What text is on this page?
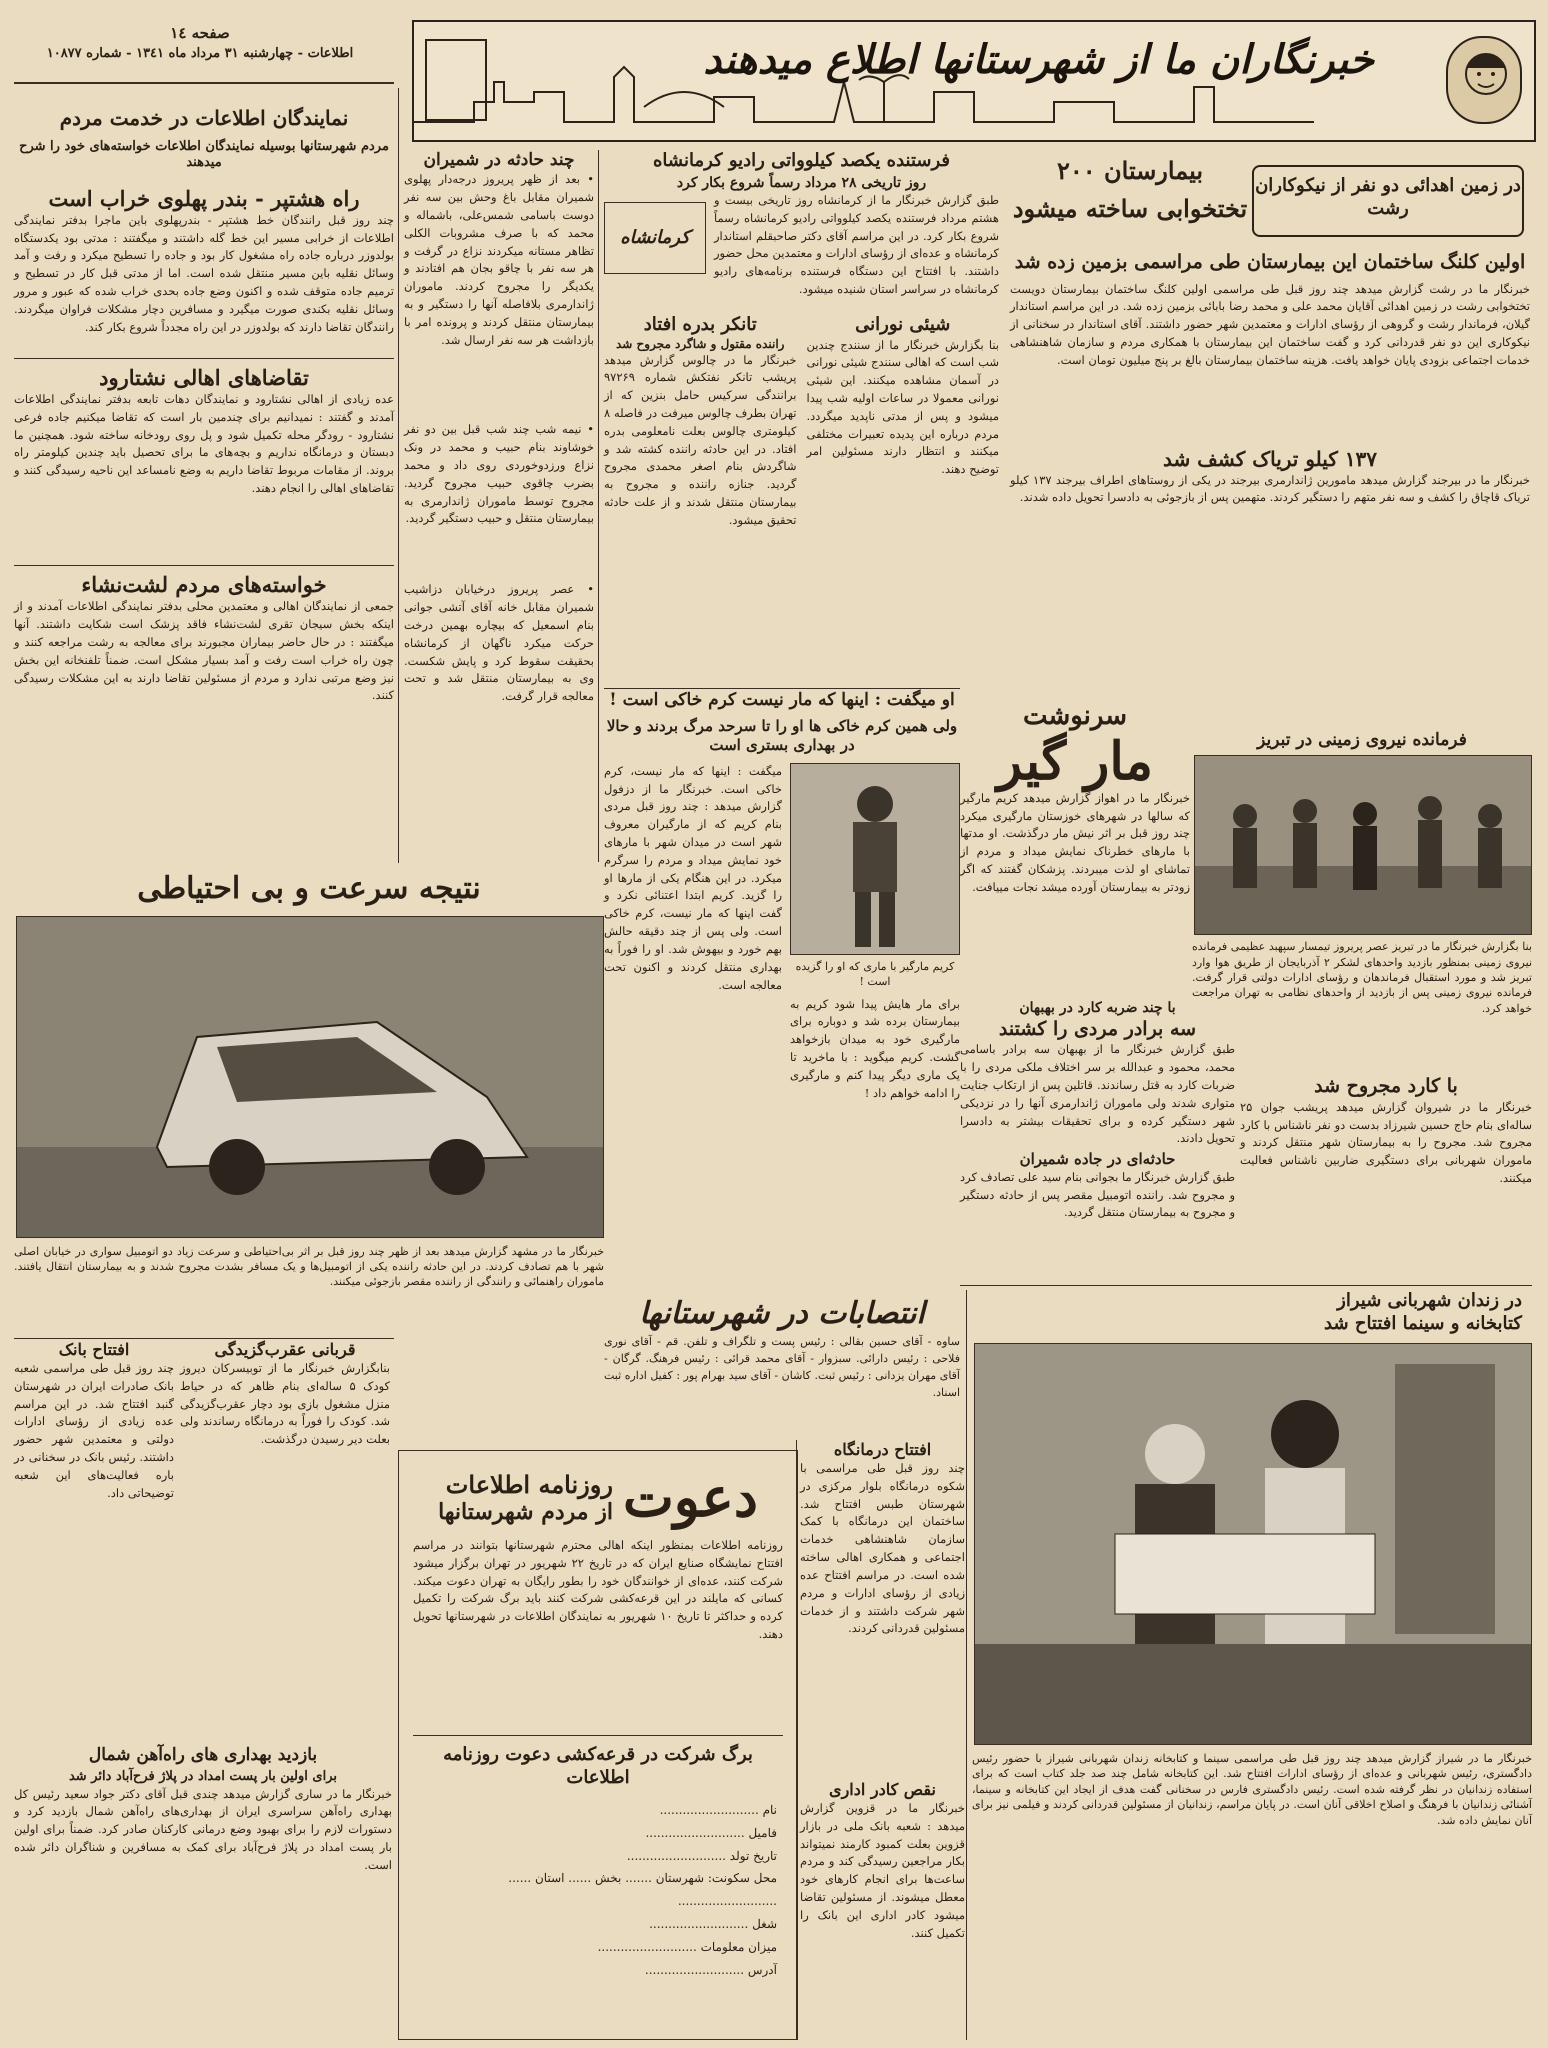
صفحه ١٤
اطلاعات - چهارشنبه ٣١ مرداد ماه ١٣٤١ - شماره ١٠٨٧٧	خبرنگاران ما از شهرستانها اطلاع میدهند
نمایندگان اطلاعات در خدمت مردم
مردم شهرستانها بوسیله نمایندگان اطلاعات خواسته‌های خود را شرح میدهند
راه هشتپر - بندر پهلوی خراب است
چند روز قبل رانندگان خط هشتپر - بندرپهلوی باین ماجرا بدفتر نمایندگی اطلاعات از خرابی مسیر این خط گله داشتند و میگفتند : مدتی بود یکدستگاه بولدوزر درباره جاده راه مشغول کار بود و جاده را تسطیح میکرد و رفت و آمد وسائل نقلیه باین مسیر منتقل شده است. اما از مدتی قبل کار در تسطیح و ترمیم جاده متوقف شده و اکنون وضع جاده بحدی خراب شده که عبور و مرور وسائل نقلیه بکندی صورت میگیرد و مسافرین دچار مشکلات فراوان میگردند. رانندگان تقاضا دارند که بولدوزر در این راه مجدداً شروع بکار کند.
تقاضاهای اهالی نشتارود
عده زیادی از اهالی نشتارود و نمایندگان دهات تابعه بدفتر نمایندگی اطلاعات آمدند و گفتند : نمیدانیم برای چندمین بار است که تقاضا میکنیم جاده فرعی نشتارود - رودگر محله تکمیل شود و پل روی رودخانه ساخته شود. همچنین ما دبستان و درمانگاه نداریم و بچه‌های ما برای تحصیل باید چندین کیلومتر راه بروند. از مقامات مربوط تقاضا داریم به وضع نامساعد این ناحیه رسیدگی کنند و تقاضاهای اهالی را انجام دهند.
خواسته‌های مردم لشت‌نشاء
جمعی از نمایندگان اهالی و معتمدین محلی بدفتر نمایندگی اطلاعات آمدند و از اینکه بخش سیجان تقری لشت‌نشاء فاقد پزشک است شکایت داشتند. آنها میگفتند : در حال حاضر بیماران مجبورند برای معالجه به رشت مراجعه کنند و چون راه خراب است رفت و آمد بسیار مشکل است. ضمناً تلفنخانه این بخش نیز وضع مرتبی ندارد و مردم از مسئولین تقاضا دارند به این مشکلات رسیدگی کنند.
چند حادثه در شمیران
• بعد از ظهر پریروز درجه‌دار پهلوی شمیران مقابل باغ وحش بین سه نفر دوست باسامی شمس‌علی، باشماله و محمد که با صرف مشروبات الکلی تظاهر مستانه میکردند نزاع در گرفت و هر سه نفر با چاقو بجان هم افتادند و یکدیگر را مجروح کردند. ماموران ژاندارمری بلافاصله آنها را دستگیر و به بیمارستان منتقل کردند و پرونده امر با بازداشت هر سه نفر ارسال شد.
• نیمه شب چند شب قبل بین دو نفر خوشاوند بنام حبیب و محمد در ونک نزاع ورزدوخوردی روی داد و محمد بضرب چاقوی حبیب مجروح گردید. مجروح توسط ماموران ژاندارمری به بیمارستان منتقل و حبیب دستگیر گردید.
• عصر پریروز درخیابان دزاشیب شمیران مقابل خانه آقای آتشی جوانی بنام اسمعیل که بیچاره بهمین درخت حرکت میکرد ناگهان از کرمانشاه بحقیقت سقوط کرد و پایش شکست. وی به بیمارستان منتقل شد و تحت معالجه قرار گرفت.
فرستنده یکصد کیلوواتی رادیو کرمانشاه
روز تاریخی ۲۸ مرداد رسماً شروع بکار کرد
طبق گزارش خبرنگار ما از کرمانشاه روز تاریخی بیست و هشتم مرداد فرستنده یکصد کیلوواتی رادیو کرمانشاه رسماً شروع بکار کرد. در این مراسم آقای دکتر صاحبقلم استاندار کرمانشاه و عده‌ای از رؤسای ادارات و معتمدین محل حضور داشتند. با افتتاح این دستگاه فرستنده برنامه‌های رادیو کرمانشاه در سراسر استان شنیده میشود.
کرمانشاه
شیئی نورانی
بنا بگزارش خبرنگار ما از سنندج چندین شب است که اهالی سنندج شیئی نورانی در آسمان مشاهده میکنند. این شیئی نورانی معمولا در ساعات اولیه شب پیدا میشود و پس از مدتی ناپدید میگردد. مردم درباره این پدیده تعبیرات مختلفی میکنند و انتظار دارند مسئولین امر توضیح دهند.
تانکر بدره افتاد
راننده مقتول و شاگرد مجروح شد
خبرنگار ما در چالوس گزارش میدهد پریشب تانکر نفتکش شماره ۹۷۲۶۹ برانندگی سرکیس حامل بنزین که از تهران بطرف چالوس میرفت در فاصله ۸ کیلومتری چالوس بعلت نامعلومی بدره افتاد. در این حادثه راننده کشته شد و شاگردش بنام اصغر محمدی مجروح گردید. جنازه راننده و مجروح به بیمارستان منتقل شدند و از علت حادثه تحقیق میشود.
در زمین اهدائی دو نفر از نیکوکاران رشت
بیمارستان ۲۰۰ تختخوابی ساخته میشود
اولین کلنگ ساختمان این بیمارستان طی مراسمی بزمین زده شد
خبرنگار ما در رشت گزارش میدهد چند روز قبل طی مراسمی اولین کلنگ ساختمان بیمارستان دویست تختخوابی رشت در زمین اهدائی آقایان محمد علی و محمد رضا بابائی بزمین زده شد. در این مراسم استاندار گیلان، فرماندار رشت و گروهی از رؤسای ادارات و معتمدین شهر حضور داشتند. آقای استاندار در سخنانی از نیکوکاری این دو نفر قدردانی کرد و گفت ساختمان این بیمارستان با همکاری مردم و سازمان شاهنشاهی خدمات اجتماعی بزودی پایان خواهد یافت. هزینه ساختمان بیمارستان بالغ بر پنج میلیون تومان است.
۱۳۷ کیلو تریاک کشف شد
خبرنگار ما در بیرجند گزارش میدهد مامورین ژاندارمری بیرجند در یکی از روستاهای اطراف بیرجند ۱۳۷ کیلو تریاک قاچاق را کشف و سه نفر متهم را دستگیر کردند. متهمین پس از بازجوئی به دادسرا تحویل داده شدند.
او میگفت : اینها که مار نیست کرم خاکی است !
ولی همین کرم خاکی ها او را تا سرحد مرگ بردند و حالا در بهداری بستری است
کریم مارگیر با ماری که او را گزیده است !
برای مار هایش پیدا شود کریم به بیمارستان برده شد و دوباره برای مارگیری خود به میدان بازخواهد گشت. کریم میگوید : با ماخرید تا یک ماری دیگر پیدا کنم و مارگیری را ادامه خواهم داد !
میگفت : اینها که مار نیست، کرم خاکی است. خبرنگار ما از دزفول گزارش میدهد : چند روز قبل مردی بنام کریم که از مارگیران معروف شهر است در میدان شهر با مارهای خود نمایش میداد و مردم را سرگرم میکرد. در این هنگام یکی از مارها او را گزید. کریم ابتدا اعتنائی نکرد و گفت اینها که مار نیست، کرم خاکی است. ولی پس از چند دقیقه حالش بهم خورد و بیهوش شد. او را فوراً به بهداری منتقل کردند و اکنون تحت معالجه است.
سرنوشت
مار گیر
خبرنگار ما در اهواز گزارش میدهد کریم مارگیر که سالها در شهرهای خوزستان مارگیری میکرد چند روز قبل بر اثر نیش مار درگذشت. او مدتها با مارهای خطرناک نمایش میداد و مردم از تماشای او لذت میبردند. پزشکان گفتند که اگر زودتر به بیمارستان آورده میشد نجات مییافت.
فرمانده نیروی زمینی در تبریز
بنا بگزارش خبرنگار ما در تبریز عصر پریروز تیمسار سپهبد عظیمی فرمانده نیروی زمینی بمنظور بازدید واحدهای لشکر ۲ آذربایجان از طریق هوا وارد تبریز شد و مورد استقبال فرماندهان و رؤسای ادارات دولتی قرار گرفت. فرمانده نیروی زمینی پس از بازدید از واحدهای نظامی به تهران مراجعت خواهد کرد.
با کارد مجروح شد
خبرنگار ما در شیروان گزارش میدهد پریشب جوان ۲۵ ساله‌ای بنام حاج حسین شیرزاد بدست دو نفر ناشناس با کارد مجروح شد. مجروح را به بیمارستان شهر منتقل کردند و ماموران شهربانی برای دستگیری ضاربین ناشناس فعالیت میکنند.
با چند ضربه کارد در بهبهان
سه برادر مردی را کشتند
طبق گزارش خبرنگار ما از بهبهان سه برادر باسامی محمد، محمود و عبدالله بر سر اختلاف ملکی مردی را با ضربات کارد به قتل رساندند. قاتلین پس از ارتکاب جنایت متواری شدند ولی ماموران ژاندارمری آنها را در نزدیکی شهر دستگیر کرده و برای تحقیقات بیشتر به دادسرا تحویل دادند.
حادثه‌ای در جاده شمیران
طبق گزارش خبرنگار ما بجوانی بنام سید علی تصادف کرد و مجروح شد. راننده اتومبیل مقصر پس از حادثه دستگیر و مجروح به بیمارستان منتقل گردید.
نتیجه سرعت و بی احتیاطی
خبرنگار ما در مشهد گزارش میدهد بعد از ظهر چند روز قبل بر اثر بی‌احتیاطی و سرعت زیاد دو اتومبیل سواری در خیابان اصلی شهر با هم تصادف کردند. در این حادثه راننده یکی از اتومبیل‌ها و یک مسافر بشدت مجروح شدند و به بیمارستان انتقال یافتند. ماموران راهنمائی و رانندگی از راننده مقصر بازجوئی میکنند.
انتصابات در شهرستانها
ساوه - آقای حسین بقالی : رئیس پست و تلگراف و تلفن. قم - آقای نوری فلاحی : رئیس دارائی. سبزوار - آقای محمد قرائی : رئیس فرهنگ. گرگان - آقای مهران یزدانی : رئیس ثبت. کاشان - آقای سید بهرام پور : کفیل اداره ثبت اسناد.
قربانی عقرب‌گزیدگی
بنابگزارش خبرنگار ما از توبیسرکان دیروز کودک ۵ ساله‌ای بنام ظاهر که در حیاط منزل مشغول بازی بود دچار عقرب‌گزیدگی شد. کودک را فوراً به درمانگاه رساندند ولی بعلت دیر رسیدن درگذشت.
افتتاح بانک
چند روز قبل طی مراسمی شعبه بانک صادرات ایران در شهرستان گنبد افتتاح شد. در این مراسم عده زیادی از رؤسای ادارات دولتی و معتمدین شهر حضور داشتند. رئیس بانک در سخنانی در باره فعالیت‌های این شعبه توضیحاتی داد.	دعوت
روزنامه اطلاعات
از مردم شهرستانها
روزنامه اطلاعات بمنظور اینکه اهالی محترم شهرستانها بتوانند در مراسم افتتاح نمایشگاه صنایع ایران که در تاریخ ۲۲ شهریور در تهران برگزار میشود شرکت کنند، عده‌ای از خوانندگان خود را بطور رایگان به تهران دعوت میکند. کسانی که مایلند در این قرعه‌کشی شرکت کنند باید برگ شرکت را تکمیل کرده و حداکثر تا تاریخ ۱۰ شهریور به نمایندگان اطلاعات در شهرستانها تحویل دهند.
برگ شرکت در قرعه‌کشی دعوت روزنامه اطلاعات
نام ..........................
فامیل ..........................
تاریخ تولد ..........................
محل سکونت: شهرستان ....... بخش ...... استان ...... ..........................
شغل ..........................
میزان معلومات ..........................
آدرس ..........................
افتتاح درمانگاه
چند روز قبل طی مراسمی با شکوه درمانگاه بلوار مرکزی در شهرستان طبس افتتاح شد. ساختمان این درمانگاه با کمک سازمان شاهنشاهی خدمات اجتماعی و همکاری اهالی ساخته شده است. در مراسم افتتاح عده زیادی از رؤسای ادارات و مردم شهر شرکت داشتند و از خدمات مسئولین قدردانی کردند.
نقص کادر اداری
خبرنگار ما در قزوین گزارش میدهد : شعبه بانک ملی در بازار قزوین بعلت کمبود کارمند نمیتواند بکار مراجعین رسیدگی کند و مردم ساعت‌ها برای انجام کارهای خود معطل میشوند. از مسئولین تقاضا میشود کادر اداری این بانک را تکمیل کنند.
بازدید بهداری های راه‌آهن شمال
برای اولین بار پست امداد در پلاژ فرح‌آباد دائر شد
خبرنگار ما در ساری گزارش میدهد چندی قبل آقای دکتر جواد سعید رئیس کل بهداری راه‌آهن سراسری ایران از بهداری‌های راه‌آهن شمال بازدید کرد و دستورات لازم را برای بهبود وضع درمانی کارکنان صادر کرد. ضمناً برای اولین بار پست امداد در پلاژ فرح‌آباد برای کمک به مسافرین و شناگران دائر شده است.
در زندان شهربانی شیراز
کتابخانه و سینما افتتاح شد
خبرنگار ما در شیراز گزارش میدهد چند روز قبل طی مراسمی سینما و کتابخانه زندان شهربانی شیراز با حضور رئیس دادگستری، رئیس شهربانی و عده‌ای از رؤسای ادارات افتتاح شد. این کتابخانه شامل چند صد جلد کتاب است که برای استفاده زندانیان در نظر گرفته شده است. رئیس دادگستری فارس در سخنانی گفت هدف از ایجاد این کتابخانه و سینما، آشنائی زندانیان با فرهنگ و اصلاح اخلاقی آنان است. در پایان مراسم، زندانیان از مسئولین قدردانی کردند و فیلمی نیز برای آنان نمایش داده شد.
